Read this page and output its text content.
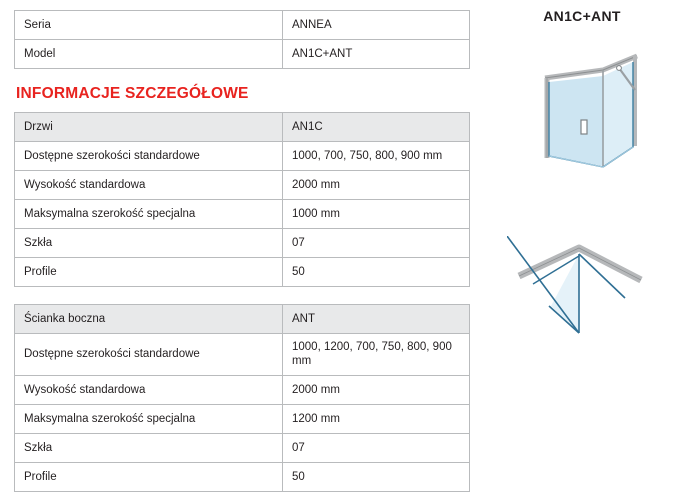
Seria	ANNEA
Model	AN1C+ANT
INFORMACJE SZCZEGÓŁOWE
Drzwi	AN1C
Dostępne szerokości standardowe	1000, 700, 750, 800, 900 mm
Wysokość standardowa	2000 mm
Maksymalna szerokość specjalna	1000 mm
Szkła	07
Profile	50
Ścianka boczna	ANT
Dostępne szerokości standardowe	1000, 1200, 700, 750, 800, 900 mm
Wysokość standardowa	2000 mm
Maksymalna szerokość specjalna	1200 mm
Szkła	07
Profile	50
AN1C+ANT
